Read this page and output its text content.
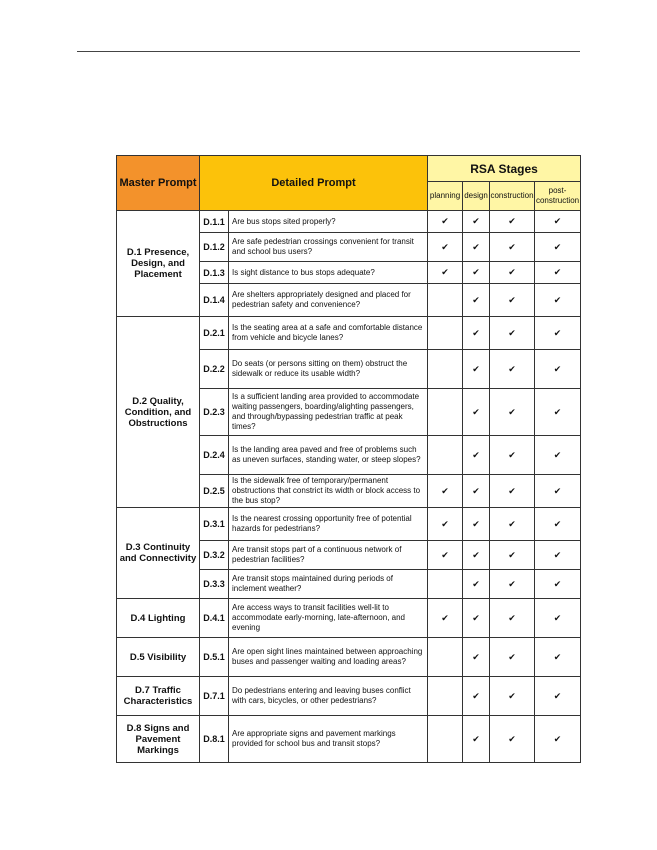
Master Prompt	Detailed Prompt		RSA Stages			
			planning	design	construction	post-construction
D.1 Presence, Design, and Placement	D.1.1	Are bus stops sited properly?	✔	✔	✔	✔
	D.1.2	Are safe pedestrian crossings convenient for transit and school bus users?	✔	✔	✔	✔
	D.1.3	Is sight distance to bus stops adequate?	✔	✔	✔	✔
	D.1.4	Are shelters appropriately designed and placed for pedestrian safety and convenience?		✔	✔	✔
D.2 Quality, Condition, and Obstructions	D.2.1	Is the seating area at a safe and comfortable distance from vehicle and bicycle lanes?		✔	✔	✔
	D.2.2	Do seats (or persons sitting on them) obstruct the sidewalk or reduce its usable width?		✔	✔	✔
	D.2.3	Is a sufficient landing area provided to accommodate waiting passengers, boarding/alighting passengers, and through/bypassing pedestrian traffic at peak times?		✔	✔	✔
	D.2.4	Is the landing area paved and free of problems such as uneven surfaces, standing water, or steep slopes?		✔	✔	✔
	D.2.5	Is the sidewalk free of temporary/permanent obstructions that constrict its width or block access to the bus stop?	✔	✔	✔	✔
D.3 Continuity and Connectivity	D.3.1	Is the nearest crossing opportunity free of potential hazards for pedestrians?	✔	✔	✔	✔
	D.3.2	Are transit stops part of a continuous network of pedestrian facilities?	✔	✔	✔	✔
	D.3.3	Are transit stops maintained during periods of inclement weather?		✔	✔	✔
D.4 Lighting	D.4.1	Are access ways to transit facilities well-lit to accommodate early-morning, late-afternoon, and evening	✔	✔	✔	✔
D.5 Visibility	D.5.1	Are open sight lines maintained between approaching buses and passenger waiting and loading areas?		✔	✔	✔
D.7 Traffic Characteristics	D.7.1	Do pedestrians entering and leaving buses conflict with cars, bicycles, or other pedestrians?		✔	✔	✔
D.8 Signs and Pavement Markings	D.8.1	Are appropriate signs and pavement markings provided for school bus and transit stops?		✔	✔	✔
